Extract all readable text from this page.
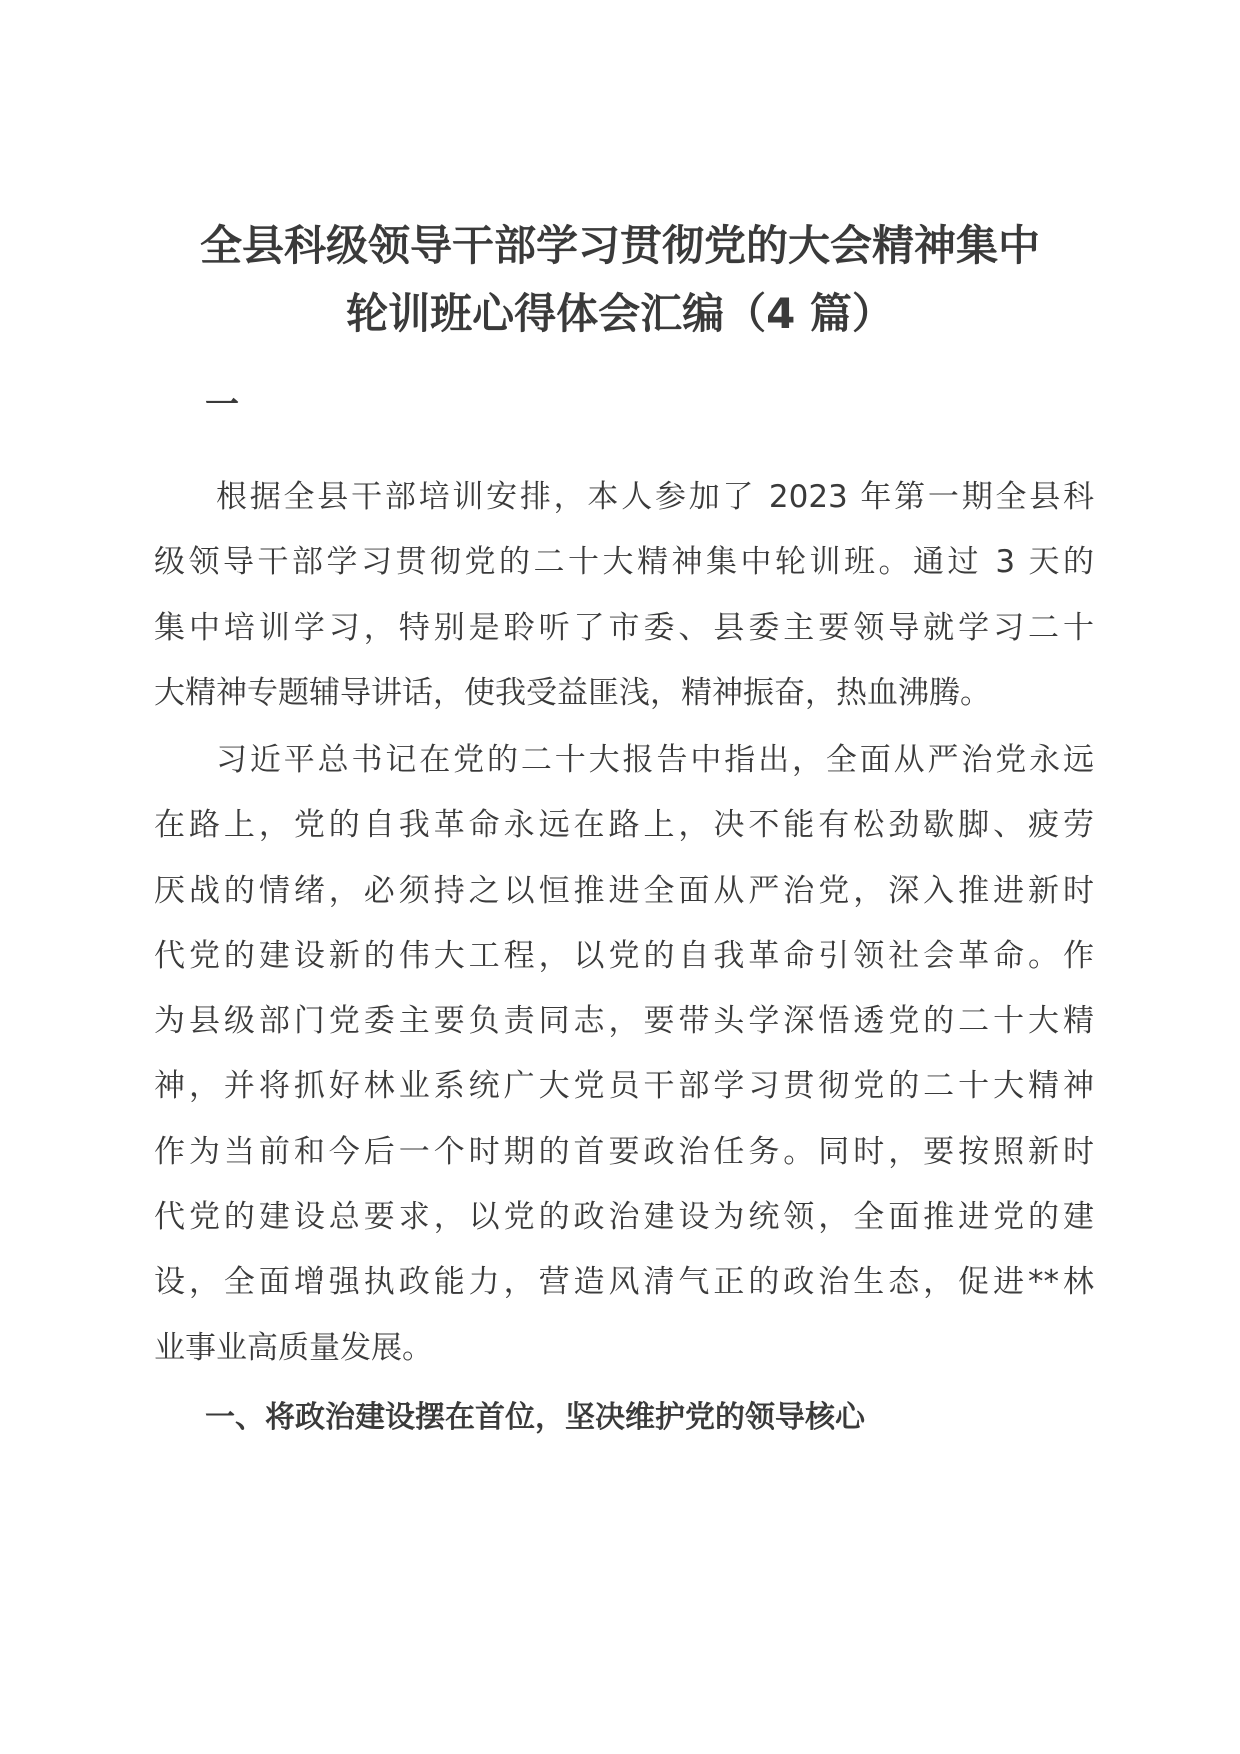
全县科级领导干部学习贯彻党的大会精神集中
轮训班心得体会汇编（4 篇）
一
根据全县干部培训安排，本人参加了 2023 年第一期全县科
级领导干部学习贯彻党的二十大精神集中轮训班。通过 3 天的
集中培训学习，特别是聆听了市委、县委主要领导就学习二十
大精神专题辅导讲话，使我受益匪浅，精神振奋，热血沸腾。
习近平总书记在党的二十大报告中指出，全面从严治党永远
在路上，党的自我革命永远在路上，决不能有松劲歇脚、疲劳
厌战的情绪，必须持之以恒推进全面从严治党，深入推进新时
代党的建设新的伟大工程，以党的自我革命引领社会革命。作
为县级部门党委主要负责同志，要带头学深悟透党的二十大精
神，并将抓好林业系统广大党员干部学习贯彻党的二十大精神
作为当前和今后一个时期的首要政治任务。同时，要按照新时
代党的建设总要求，以党的政治建设为统领，全面推进党的建
设，全面增强执政能力，营造风清气正的政治生态，促进**林
业事业高质量发展。
一、将政治建设摆在首位，坚决维护党的领导核心
